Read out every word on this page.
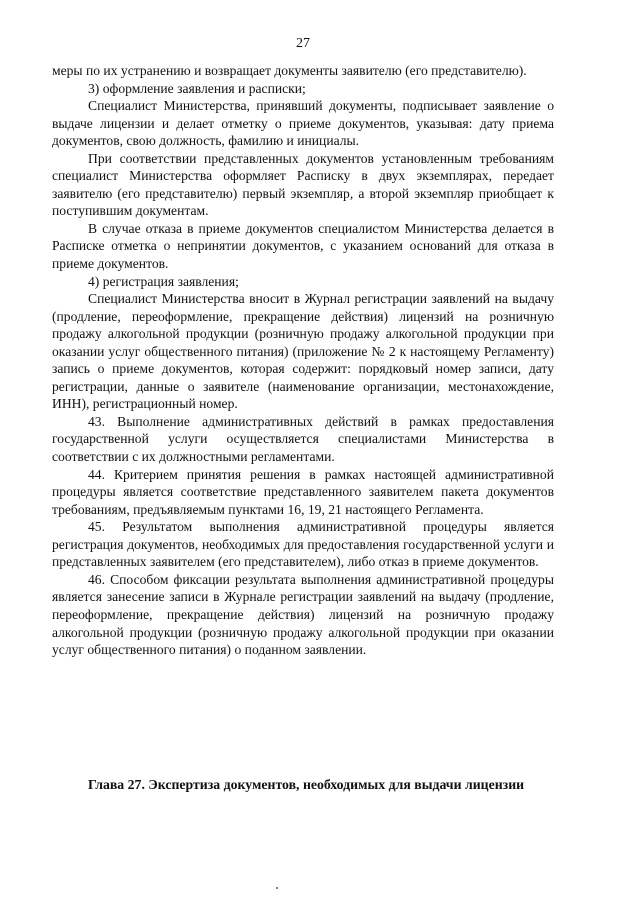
27

меры по их устранению и возвращает документы заявителю (его представителю).

3) оформление заявления и расписки;

Специалист Министерства, принявший документы, подписывает заявление о выдаче лицензии и делает отметку о приеме документов, указывая: дату приема документов, свою должность, фамилию и инициалы.

При соответствии представленных документов установленным требованиям специалист Министерства оформляет Расписку в двух экземплярах, передает заявителю (его представителю) первый экземпляр, а второй экземпляр приобщает к поступившим документам.

В случае отказа в приеме документов специалистом Министерства делается в Расписке отметка о непринятии документов, с указанием оснований для отказа в приеме документов.

4) регистрация заявления;

Специалист Министерства вносит в Журнал регистрации заявлений на выдачу (продление, переоформление, прекращение действия) лицензий на розничную продажу алкогольной продукции (розничную продажу алкогольной продукции при оказании услуг общественного питания) (приложение № 2 к настоящему Регламенту) запись о приеме документов, которая содержит: порядковый номер записи, дату регистрации, данные о заявителе (наименование организации, местонахождение, ИНН), регистрационный номер.

43. Выполнение административных действий в рамках предоставления государственной услуги осуществляется специалистами Министерства в соответствии с их должностными регламентами.

44. Критерием принятия решения в рамках настоящей административной процедуры является соответствие представленного заявителем пакета документов требованиям, предъявляемым пунктами 16, 19, 21 настоящего Регламента.

45. Результатом выполнения административной процедуры является регистрация документов, необходимых для предоставления государственной услуги и представленных заявителем (его представителем), либо отказ в приеме документов.

46. Способом фиксации результата выполнения административной процедуры является занесение записи в Журнале регистрации заявлений на выдачу (продление, переоформление, прекращение действия) лицензий на розничную продажу алкогольной продукции (розничную продажу алкогольной продукции при оказании услуг общественного питания) о поданном заявлении.

Глава 27. Экспертиза документов, необходимых для выдачи лицензии
